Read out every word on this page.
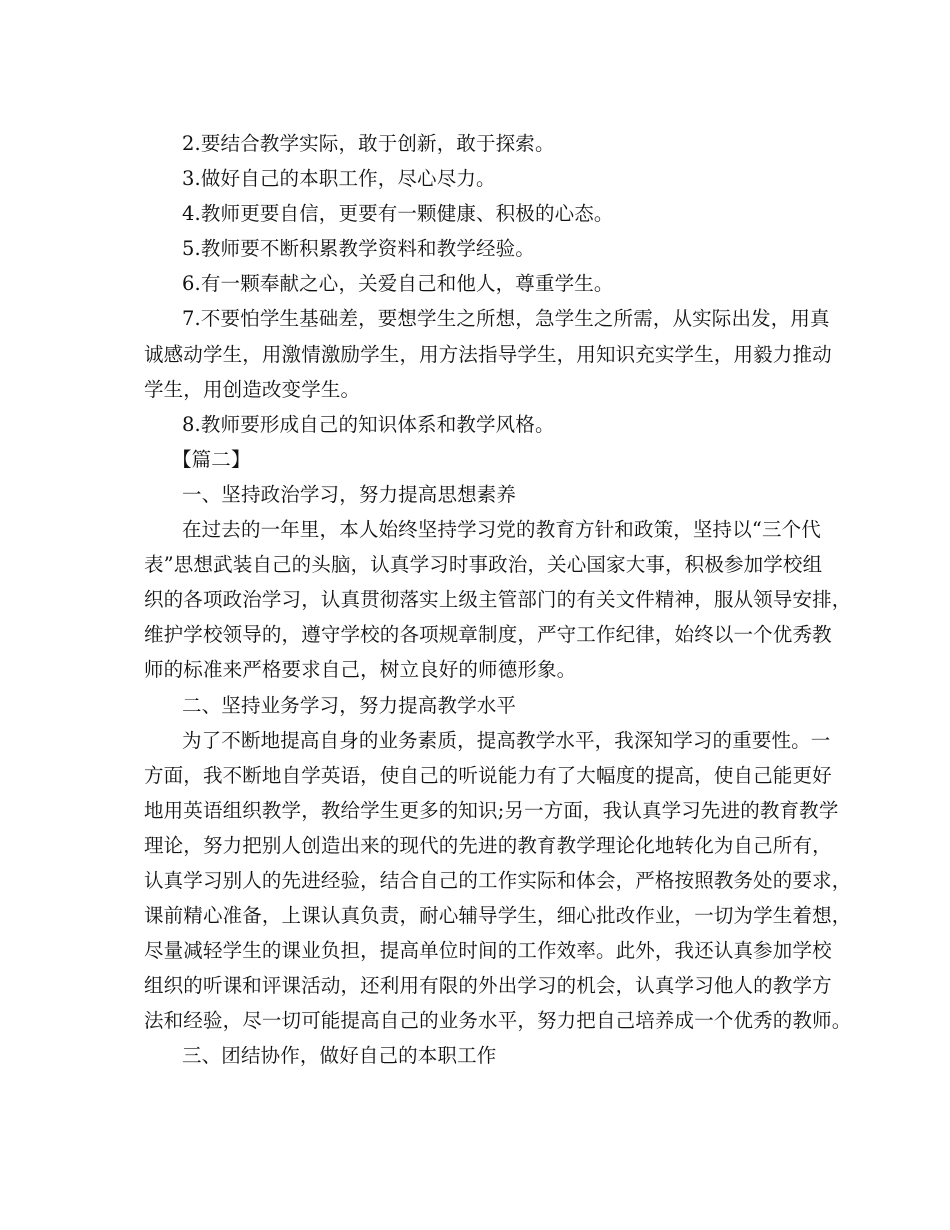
2.要结合教学实际，敢于创新，敢于探索。
3.做好自己的本职工作，尽心尽力。
4.教师更要自信，更要有一颗健康、积极的心态。
5.教师要不断积累教学资料和教学经验。
6.有一颗奉献之心，关爱自己和他人，尊重学生。
7.不要怕学生基础差，要想学生之所想，急学生之所需，从实际出发，用真
诚感动学生，用激情激励学生，用方法指导学生，用知识充实学生，用毅力推动
学生，用创造改变学生。
8.教师要形成自己的知识体系和教学风格。
【篇二】
一、坚持政治学习，努力提高思想素养
在过去的一年里，本人始终坚持学习党的教育方针和政策，坚持以“三个代
表”思想武装自己的头脑，认真学习时事政治，关心国家大事，积极参加学校组
织的各项政治学习，认真贯彻落实上级主管部门的有关文件精神，服从领导安排，
维护学校领导的，遵守学校的各项规章制度，严守工作纪律，始终以一个优秀教
师的标准来严格要求自己，树立良好的师德形象。
二、坚持业务学习，努力提高教学水平
为了不断地提高自身的业务素质，提高教学水平，我深知学习的重要性。一
方面，我不断地自学英语，使自己的听说能力有了大幅度的提高，使自己能更好
地用英语组织教学，教给学生更多的知识;另一方面，我认真学习先进的教育教学
理论，努力把别人创造出来的现代的先进的教育教学理论化地转化为自己所有，
认真学习别人的先进经验，结合自己的工作实际和体会，严格按照教务处的要求，
课前精心准备，上课认真负责，耐心辅导学生，细心批改作业，一切为学生着想，
尽量减轻学生的课业负担，提高单位时间的工作效率。此外，我还认真参加学校
组织的听课和评课活动，还利用有限的外出学习的机会，认真学习他人的教学方
法和经验，尽一切可能提高自己的业务水平，努力把自己培养成一个优秀的教师。
三、团结协作，做好自己的本职工作
